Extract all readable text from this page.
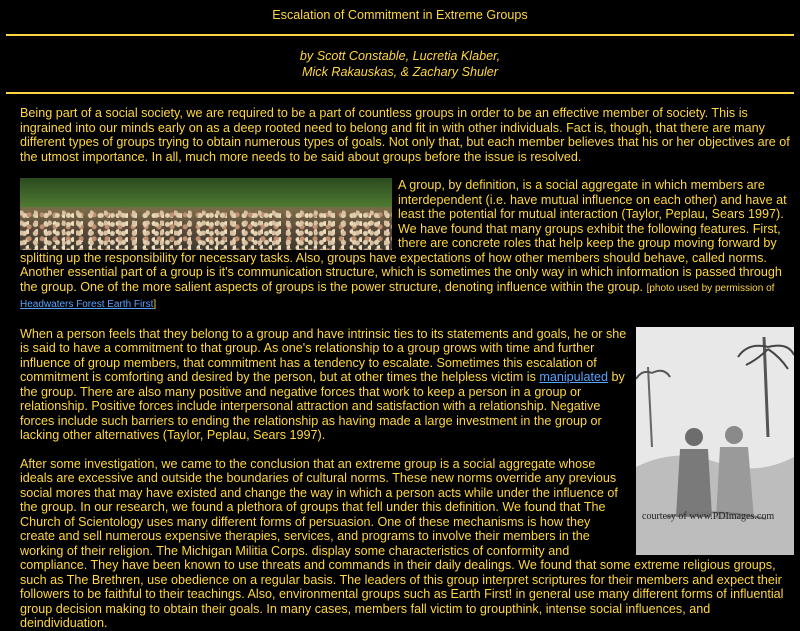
Escalation of Commitment in Extreme Groups
by Scott Constable, Lucretia Klaber,
Mick Rakauskas, & Zachary Shuler

Being part of a social society, we are required to be a part of countless groups in order to be an effective member of society. This is ingrained into our minds early on as a deep rooted need to belong and fit in with other individuals. Fact is, though, that there are many different types of groups trying to obtain numerous types of goals. Not only that, but each member believes that his or her objectives are of the utmost importance. In all, much more needs to be said about groups before the issue is resolved.

A group, by definition, is a social aggregate in which members are interdependent (i.e. have mutual influence on each other) and have at least the potential for mutual interaction (Taylor, Peplau, Sears 1997). We have found that many groups exhibit the following features. First, there are concrete roles that help keep the group moving forward by splitting up the responsibility for necessary tasks. Also, groups have expectations of how other members should behave, called norms. Another essential part of a group is it's communication structure, which is sometimes the only way in which information is passed through the group. One of the more salient aspects of groups is the power structure, denoting influence within the group. [photo used by permission of Headwaters Forest Earth First]

courtesy of www.PDImages.com
When a person feels that they belong to a group and have intrinsic ties to its statements and goals, he or she is said to have a commitment to that group. As one's relationship to a group grows with time and further influence of group members, that commitment has a tendency to escalate. Sometimes this escalation of commitment is comforting and desired by the person, but at other times the helpless victim is manipulated by the group. There are also many positive and negative forces that work to keep a person in a group or relationship. Positive forces include interpersonal attraction and satisfaction with a relationship. Negative forces include such barriers to ending the relationship as having made a large investment in the group or lacking other alternatives (Taylor, Peplau, Sears 1997).

After some investigation, we came to the conclusion that an extreme group is a social aggregate whose ideals are excessive and outside the boundaries of cultural norms. These new norms override any previous social mores that may have existed and change the way in which a person acts while under the influence of the group. In our research, we found a plethora of groups that fell under this definition. We found that The Church of Scientology uses many different forms of persuasion. One of these mechanisms is how they create and sell numerous expensive therapies, services, and programs to involve their members in the working of their religion. The Michigan Militia Corps. display some characteristics of conformity and compliance. They have been known to use threats and commands in their daily dealings. We found that some extreme religious groups, such as The Brethren, use obedience on a regular basis. The leaders of this group interpret scriptures for their members and expect their followers to be faithful to their teachings. Also, environmental groups such as Earth First! in general use many different forms of influential group decision making to obtain their goals. In many cases, members fall victim to groupthink, intense social influences, and deindividuation.
